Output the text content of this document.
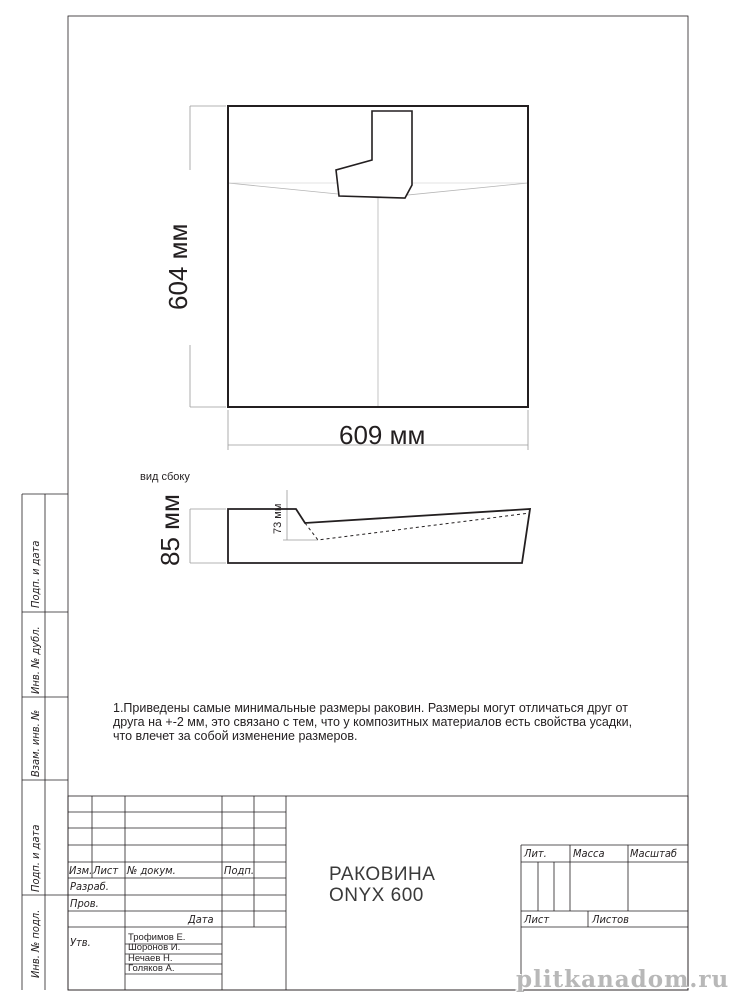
609 мм
604 мм
вид сбоку
85 мм	73 мм
1.Приведены самые минимальные размеры раковин. Размеры могут отличаться друг от друга на +-2 мм, это связано с тем, что у композитных материалов есть свойства усадки, что влечет за собой изменение размеров.
Подп. и дата
Инв. № дубл.
Взам. инв. №
Подп. и дата
Инв. № подл.
Изм. Лист № докум.	Подп.
Разраб.
Пров.
Дата
Утв.	Трофимов Е.
Шоронов И.
Нечаев Н.
Голяков А.
РАКОВИНА
ONYX 600
Лит. Масса Масштаб
Лист	Листов
plitkanadom.ru
